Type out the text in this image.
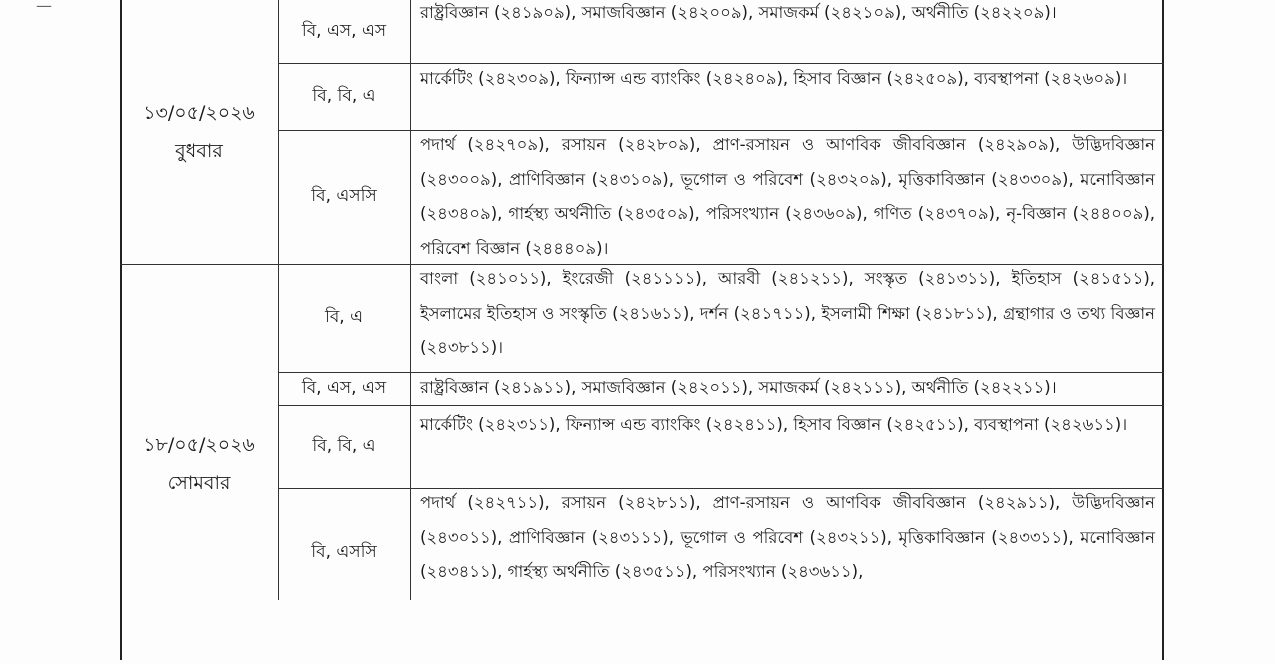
—
১৩/০৫/২০২৬
বুধবার
বি, এস, এস
রাষ্ট্রবিজ্ঞান (২৪১৯০৯), সমাজবিজ্ঞান (২৪২০০৯), সমাজকর্ম (২৪২১০৯), অর্থনীতি (২৪২২০৯)।
বি, বি, এ
মার্কেটিং (২৪২৩০৯), ফিন্যান্স এন্ড ব্যাংকিং (২৪২৪০৯), হিসাব বিজ্ঞান (২৪২৫০৯), ব্যবস্থাপনা (২৪২৬০৯)।
বি, এসসি
পদার্থ (২৪২৭০৯), রসায়ন (২৪২৮০৯), প্রাণ-রসায়ন ও আণবিক জীববিজ্ঞান (২৪২৯০৯), উদ্ভিদবিজ্ঞান (২৪৩০০৯), প্রাণিবিজ্ঞান (২৪৩১০৯), ভূগোল ও পরিবেশ (২৪৩২০৯), মৃত্তিকাবিজ্ঞান (২৪৩৩০৯), মনোবিজ্ঞান (২৪৩৪০৯), গার্হস্থ্য অর্থনীতি (২৪৩৫০৯), পরিসংখ্যান (২৪৩৬০৯), গণিত (২৪৩৭০৯), নৃ-বিজ্ঞান (২৪৪০০৯), পরিবেশ বিজ্ঞান (২৪৪৪০৯)।
১৮/০৫/২০২৬
সোমবার
বি, এ
বাংলা (২৪১০১১), ইংরেজী (২৪১১১১), আরবী (২৪১২১১), সংস্কৃত (২৪১৩১১), ইতিহাস (২৪১৫১১), ইসলামের ইতিহাস ও সংস্কৃতি (২৪১৬১১), দর্শন (২৪১৭১১), ইসলামী শিক্ষা (২৪১৮১১), গ্রন্থাগার ও তথ্য বিজ্ঞান (২৪৩৮১১)।
বি, এস, এস রাষ্ট্রবিজ্ঞান (২৪১৯১১), সমাজবিজ্ঞান (২৪২০১১), সমাজকর্ম (২৪২১১১), অর্থনীতি (২৪২২১১)।
বি, বি, এ
মার্কেটিং (২৪২৩১১), ফিন্যান্স এন্ড ব্যাংকিং (২৪২৪১১), হিসাব বিজ্ঞান (২৪২৫১১), ব্যবস্থাপনা (২৪২৬১১)।
বি, এসসি
পদার্থ (২৪২৭১১), রসায়ন (২৪২৮১১), প্রাণ-রসায়ন ও আণবিক জীববিজ্ঞান (২৪২৯১১), উদ্ভিদবিজ্ঞান (২৪৩০১১), প্রাণিবিজ্ঞান (২৪৩১১১), ভূগোল ও পরিবেশ (২৪৩২১১), মৃত্তিকাবিজ্ঞান (২৪৩৩১১), মনোবিজ্ঞান (২৪৩৪১১), গার্হস্থ্য অর্থনীতি (২৪৩৫১১), পরিসংখ্যান (২৪৩৬১১),
